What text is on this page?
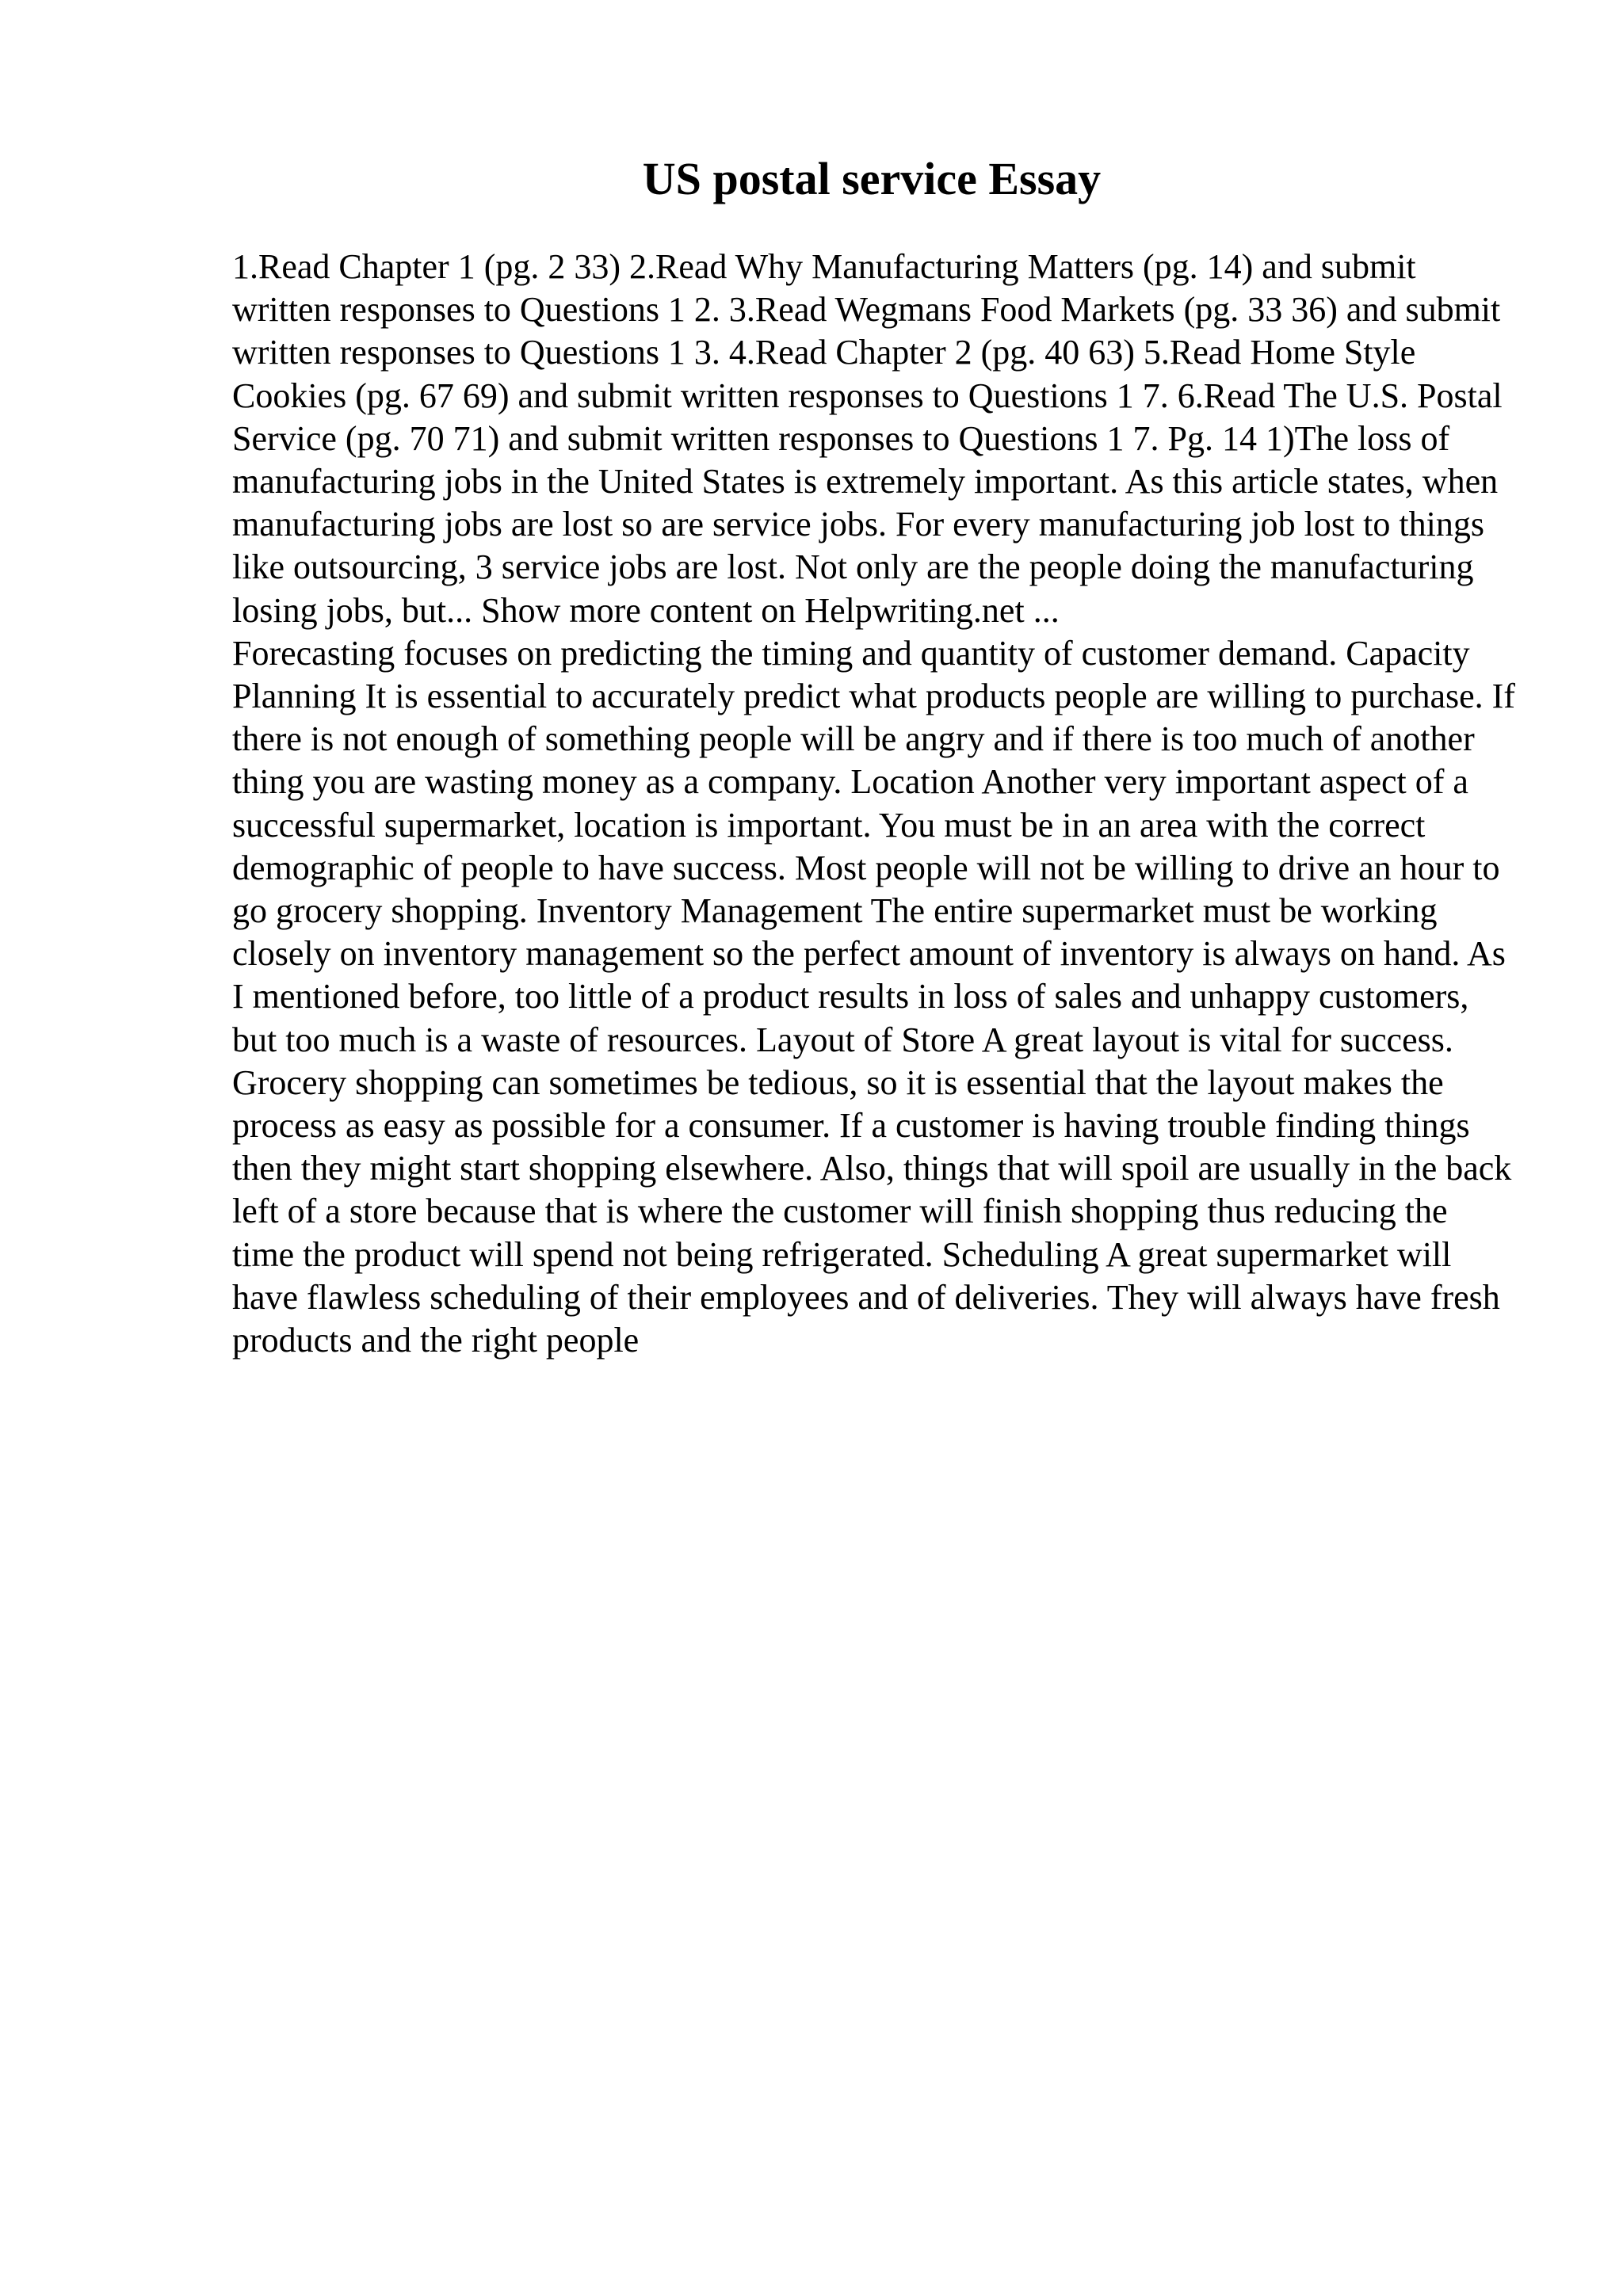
US postal service Essay

1.Read Chapter 1 (pg. 2 33) 2.Read Why Manufacturing Matters (pg. 14) and submit written responses to Questions 1 2. 3.Read Wegmans Food Markets (pg. 33 36) and submit written responses to Questions 1 3. 4.Read Chapter 2 (pg. 40 63) 5.Read Home Style Cookies (pg. 67 69) and submit written responses to Questions 1 7. 6.Read The U.S. Postal Service (pg. 70 71) and submit written responses to Questions 1 7. Pg. 14 1)The loss of manufacturing jobs in the United States is extremely important. As this article states, when manufacturing jobs are lost so are service jobs. For every manufacturing job lost to things like outsourcing, 3 service jobs are lost. Not only are the people doing the manufacturing losing jobs, but... Show more content on Helpwriting.net ...

Forecasting focuses on predicting the timing and quantity of customer demand. Capacity Planning It is essential to accurately predict what products people are willing to purchase. If there is not enough of something people will be angry and if there is too much of another thing you are wasting money as a company. Location Another very important aspect of a successful supermarket, location is important. You must be in an area with the correct demographic of people to have success. Most people will not be willing to drive an hour to go grocery shopping. Inventory Management The entire supermarket must be working closely on inventory management so the perfect amount of inventory is always on hand. As I mentioned before, too little of a product results in loss of sales and unhappy customers, but too much is a waste of resources. Layout of Store A great layout is vital for success. Grocery shopping can sometimes be tedious, so it is essential that the layout makes the process as easy as possible for a consumer. If a customer is having trouble finding things then they might start shopping elsewhere. Also, things that will spoil are usually in the back left of a store because that is where the customer will finish shopping thus reducing the time the product will spend not being refrigerated. Scheduling A great supermarket will have flawless scheduling of their employees and of deliveries. They will always have fresh products and the right people
